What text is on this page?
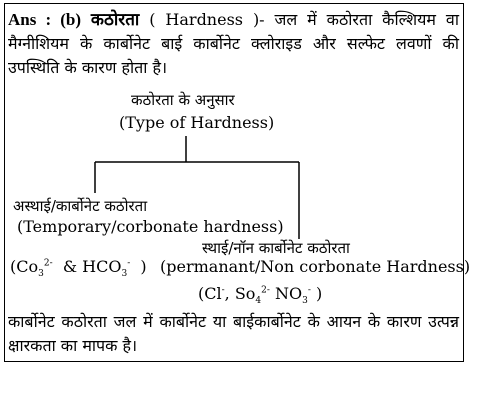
Ans : (b) कठोरता ( Hardness )- जल में कठोरता कैल्शियम वा मैग्नीशियम के कार्बोनेट बाई कार्बोनेट क्लोराइड और सल्फेट लवणों की उपस्थिति के कारण होता है।
कठोरता के अनुसार
(Type of Hardness)
अस्थाई/कार्बोनेट कठोरता
(Temporary/corbonate hardness)
($Co_3^{2-}$ & $HCO_3^-$ )
स्थाई/नॉन कार्बोनेट कठोरता
(permanant/Non corbonate Hardness)
(Cl-, $So_4^{2-}$ $NO_3^-$ )
कार्बोनेट कठोरता जल में कार्बोनेट या बाईकार्बोनेट के आयन के कारण उत्पन्न क्षारकता का मापक है।
